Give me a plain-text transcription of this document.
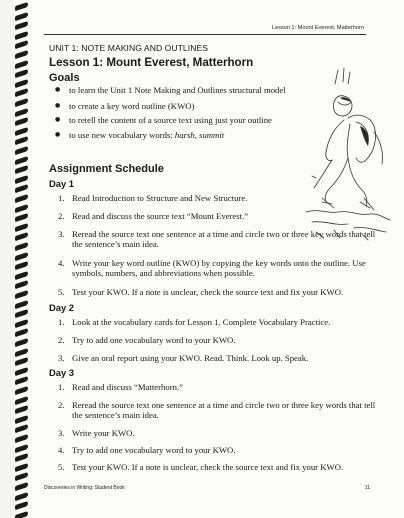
Lesson 1: Mount Everest, Matterhorn
UNIT 1: NOTE MAKING AND OUTLINES
Lesson 1: Mount Everest, Matterhorn
Goals
● to learn the Unit 1 Note Making and Outlines structural model
● to create a key word outline (KWO)
● to retell the content of a source text using just your outline
● to use new vocabulary words: harsh, summit
Assignment Schedule
Day 1
1. Read Introduction to Structure and New Structure.
2. Read and discuss the source text “Mount Everest.”
3. Reread the source text one sentence at a time and circle two or three key words that tell the sentence’s main idea.
4. Write your key word outline (KWO) by copying the key words onto the outline. Use symbols, numbers, and abbreviations when possible.
5. Test your KWO. If a note is unclear, check the source text and fix your KWO.
Day 2
1. Look at the vocabulary cards for Lesson 1. Complete Vocabulary Practice.
2. Try to add one vocabulary word to your KWO.
3. Give an oral report using your KWO. Read. Think. Look up. Speak.
Day 3
1. Read and discuss “Matterhorn.”
2. Reread the source text one sentence at a time and circle two or three key words that tell the sentence’s main idea.
3. Write your KWO.
4. Try to add one vocabulary word to your KWO.
5. Test your KWO. If a note is unclear, check the source text and fix your KWO.
Discoveries in Writing: Student Book	11
